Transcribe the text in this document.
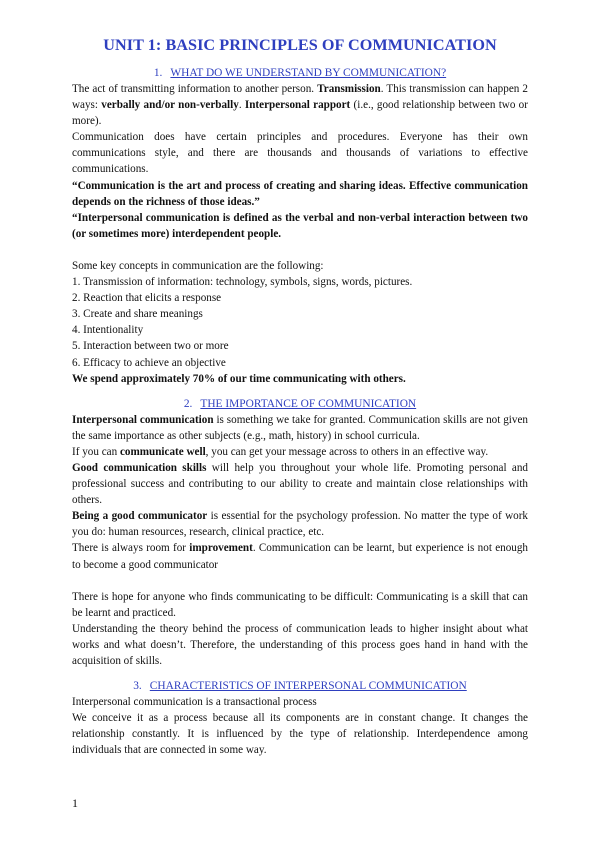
UNIT 1: BASIC PRINCIPLES OF COMMUNICATION
1. WHAT DO WE UNDERSTAND BY COMMUNICATION?

The act of transmitting information to another person. Transmission. This transmission can happen 2 ways: verbally and/or non-verbally. Interpersonal rapport (i.e., good relationship between two or more).

Communication does have certain principles and procedures. Everyone has their own communications style, and there are thousands and thousands of variations to effective communications.

“Communication is the art and process of creating and sharing ideas. Effective communication depends on the richness of those ideas.”

“Interpersonal communication is defined as the verbal and non-verbal interaction between two (or sometimes more) interdependent people.

Some key concepts in communication are the following:

1. Transmission of information: technology, symbols, signs, words, pictures.

2. Reaction that elicits a response

3. Create and share meanings

4. Intentionality

5. Interaction between two or more

6. Efficacy to achieve an objective

We spend approximately 70% of our time communicating with others.

2. THE IMPORTANCE OF COMMUNICATION

Interpersonal communication is something we take for granted. Communication skills are not given the same importance as other subjects (e.g., math, history) in school curricula.

If you can communicate well, you can get your message across to others in an effective way.

Good communication skills will help you throughout your whole life. Promoting personal and professional success and contributing to our ability to create and maintain close relationships with others.

Being a good communicator is essential for the psychology profession. No matter the type of work you do: human resources, research, clinical practice, etc.

There is always room for improvement. Communication can be learnt, but experience is not enough to become a good communicator

There is hope for anyone who finds communicating to be difficult: Communicating is a skill that can be learnt and practiced.

Understanding the theory behind the process of communication leads to higher insight about what works and what doesn’t. Therefore, the understanding of this process goes hand in hand with the acquisition of skills.

3. CHARACTERISTICS OF INTERPERSONAL COMMUNICATION

Interpersonal communication is a transactional process

We conceive it as a process because all its components are in constant change. It changes the relationship constantly. It is influenced by the type of relationship. Interdependence among individuals that are connected in some way.

1
